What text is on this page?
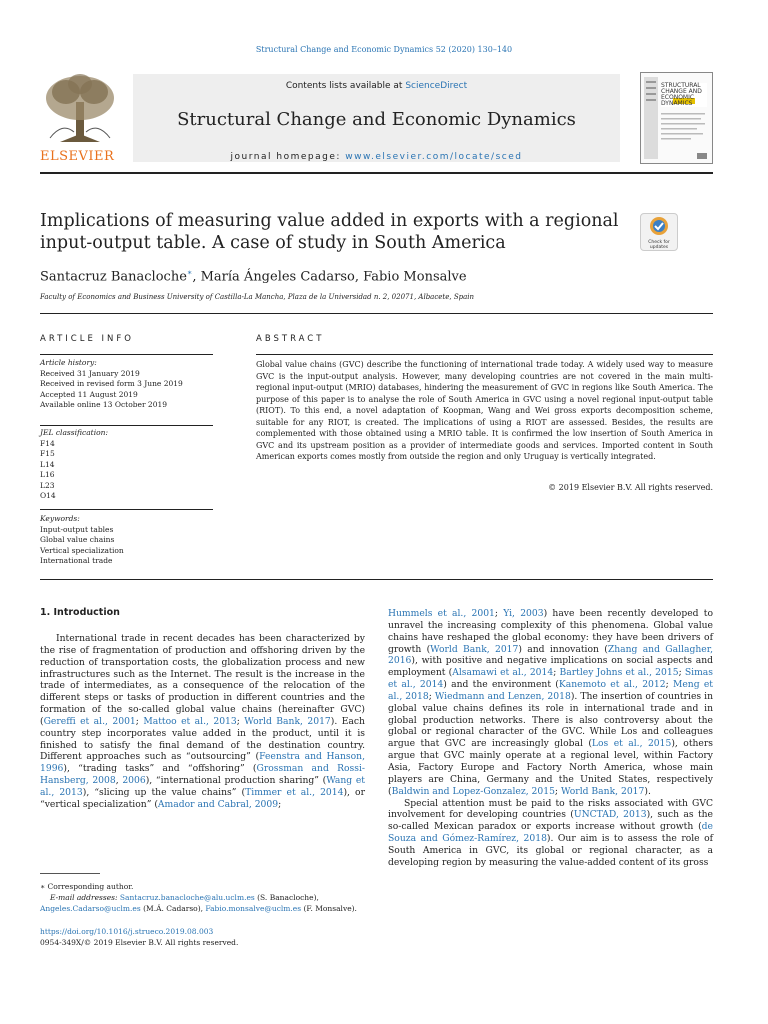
Structural Change and Economic Dynamics 52 (2020) 130–140
ELSEVIER
Contents lists available at ScienceDirect
Structural Change and Economic Dynamics
journal homepage: www.elsevier.com/locate/sced
STRUCTURAL
CHANGE AND
ECONOMIC
DYNAMICS
Implications of measuring value added in exports with a regional
input-output table. A case of study in South America	Check for updates
Santacruz Banacloche∗, María Ángeles Cadarso, Fabio Monsalve
Faculty of Economics and Business University of Castilla-La Mancha, Plaza de la Universidad n. 2, 02071, Albacete, Spain
ARTICLE INFO
Article history:
Received 31 January 2019
Received in revised form 3 June 2019
Accepted 11 August 2019
Available online 13 October 2019
JEL classification:
F14
F15
L14
L16
L23
O14
Keywords:
Input-output tables
Global value chains
Vertical specialization
International trade
ABSTRACT
Global value chains (GVC) describe the functioning of international trade today. A widely used way to measure GVC is the input-output analysis. However, many developing countries are not covered in the main multi-regional input-output (MRIO) databases, hindering the measurement of GVC in regions like South America. The purpose of this paper is to analyse the role of South America in GVC using a novel regional input-output table (RIOT). To this end, a novel adaptation of Koopman, Wang and Wei gross exports decomposition scheme, suitable for any RIOT, is created. The implications of using a RIOT are assessed. Besides, the results are complemented with those obtained using a MRIO table. It is confirmed the low insertion of South America in GVC and its upstream position as a provider of intermediate goods and services. Imported content in South American exports comes mostly from outside the region and only Uruguay is vertically integrated.
© 2019 Elsevier B.V. All rights reserved.
1. Introduction

International trade in recent decades has been characterized by the rise of fragmentation of production and offshoring driven by the reduction of transportation costs, the globalization process and new infrastructures such as the Internet. The result is the increase in the trade of intermediates, as a consequence of the relocation of the different steps or tasks of production in different countries and the formation of the so-called global value chains (hereinafter GVC) (Gereffi et al., 2001; Mattoo et al., 2013; World Bank, 2017). Each country step incorporates value added in the product, until it is finished to satisfy the final demand of the destination country. Different approaches such as “outsourcing” (Feenstra and Hanson, 1996), “trading tasks” and “offshoring” (Grossman and Rossi-Hansberg, 2008, 2006), “international production sharing” (Wang et al., 2013), “slicing up the value chains” (Timmer et al., 2014), or “vertical specialization” (Amador and Cabral, 2009;

Hummels et al., 2001; Yi, 2003) have been recently developed to unravel the increasing complexity of this phenomena. Global value chains have reshaped the global economy: they have been drivers of growth (World Bank, 2017) and innovation (Zhang and Gallagher, 2016), with positive and negative implications on social aspects and employment (Alsamawi et al., 2014; Bartley Johns et al., 2015; Simas et al., 2014) and the environment (Kanemoto et al., 2012; Meng et al., 2018; Wiedmann and Lenzen, 2018). The insertion of countries in global value chains defines its role in international trade and in global production networks. There is also controversy about the global or regional character of the GVC. While Los and colleagues argue that GVC are increasingly global (Los et al., 2015), others argue that GVC mainly operate at a regional level, within Factory Asia, Factory Europe and Factory North America, whose main players are China, Germany and the United States, respectively (Baldwin and Lopez-Gonzalez, 2015; World Bank, 2017).

Special attention must be paid to the risks associated with GVC involvement for developing countries (UNCTAD, 2013), such as the so-called Mexican paradox or exports increase without growth (de Souza and Gómez-Ramírez, 2018). Our aim is to assess the role of South America in GVC, its global or regional character, as a developing region by measuring the value-added content of its gross

∗ Corresponding author.
E-mail addresses: Santacruz.banacloche@alu.uclm.es (S. Banacloche),
Angeles.Cadarso@uclm.es (M.Á. Cadarso), Fabio.monsalve@uclm.es (F. Monsalve).
https://doi.org/10.1016/j.strueco.2019.08.003
0954-349X/© 2019 Elsevier B.V. All rights reserved.
